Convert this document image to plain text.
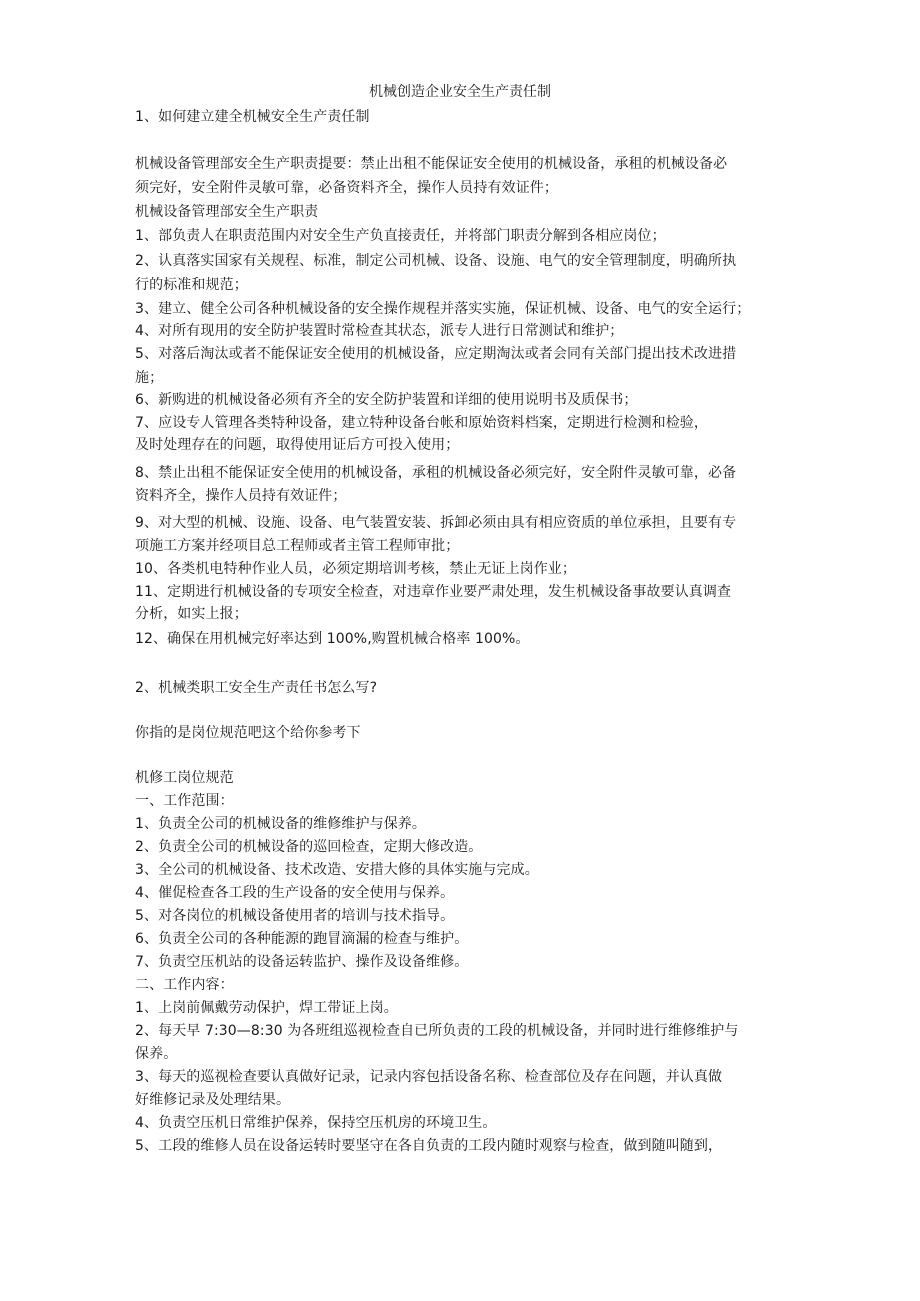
机械创造企业安全生产责任制
1、如何建立建全机械安全生产责任制
机械设备管理部安全生产职责提要：禁止出租不能保证安全使用的机械设备，承租的机械设备必
须完好，安全附件灵敏可靠，必备资料齐全，操作人员持有效证件；
机械设备管理部安全生产职责
1、部负责人在职责范围内对安全生产负直接责任，并将部门职责分解到各相应岗位；
2、认真落实国家有关规程、标准，制定公司机械、设备、设施、电气的安全管理制度，明确所执
行的标准和规范；
3、建立、健全公司各种机械设备的安全操作规程并落实实施，保证机械、设备、电气的安全运行；
4、对所有现用的安全防护装置时常检查其状态，派专人进行日常测试和维护；
5、对落后淘汰或者不能保证安全使用的机械设备，应定期淘汰或者会同有关部门提出技术改进措
施；
6、新购进的机械设备必须有齐全的安全防护装置和详细的使用说明书及质保书；
7、应设专人管理各类特种设备，建立特种设备台帐和原始资料档案，定期进行检测和检验，
及时处理存在的问题，取得使用证后方可投入使用；
8、禁止出租不能保证安全使用的机械设备，承租的机械设备必须完好，安全附件灵敏可靠，必备
资料齐全，操作人员持有效证件；
9、对大型的机械、设施、设备、电气装置安装、拆卸必须由具有相应资质的单位承担，且要有专
项施工方案并经项目总工程师或者主管工程师审批；
10、各类机电特种作业人员，必须定期培训考核，禁止无证上岗作业；
11、定期进行机械设备的专项安全检查，对违章作业要严肃处理，发生机械设备事故要认真调查
分析，如实上报；
12、确保在用机械完好率达到 100%,购置机械合格率 100%。
2、机械类职工安全生产责任书怎么写?
你指的是岗位规范吧这个给你参考下
机修工岗位规范
一、工作范围：
1、负责全公司的机械设备的维修维护与保养。
2、负责全公司的机械设备的巡回检查，定期大修改造。
3、全公司的机械设备、技术改造、安措大修的具体实施与完成。
4、催促检查各工段的生产设备的安全使用与保养。
5、对各岗位的机械设备使用者的培训与技术指导。
6、负责全公司的各种能源的跑冒滴漏的检查与维护。
7、负责空压机站的设备运转监护、操作及设备维修。
二、工作内容：
1、上岗前佩戴劳动保护，焊工带证上岗。
2、每天早 7:30—8:30 为各班组巡视检查自已所负责的工段的机械设备，并同时进行维修维护与
保养。
3、每天的巡视检查要认真做好记录，记录内容包括设备名称、检查部位及存在问题，并认真做
好维修记录及处理结果。
4、负责空压机日常维护保养，保持空压机房的环境卫生。
5、工段的维修人员在设备运转时要坚守在各自负责的工段内随时观察与检查，做到随叫随到，
